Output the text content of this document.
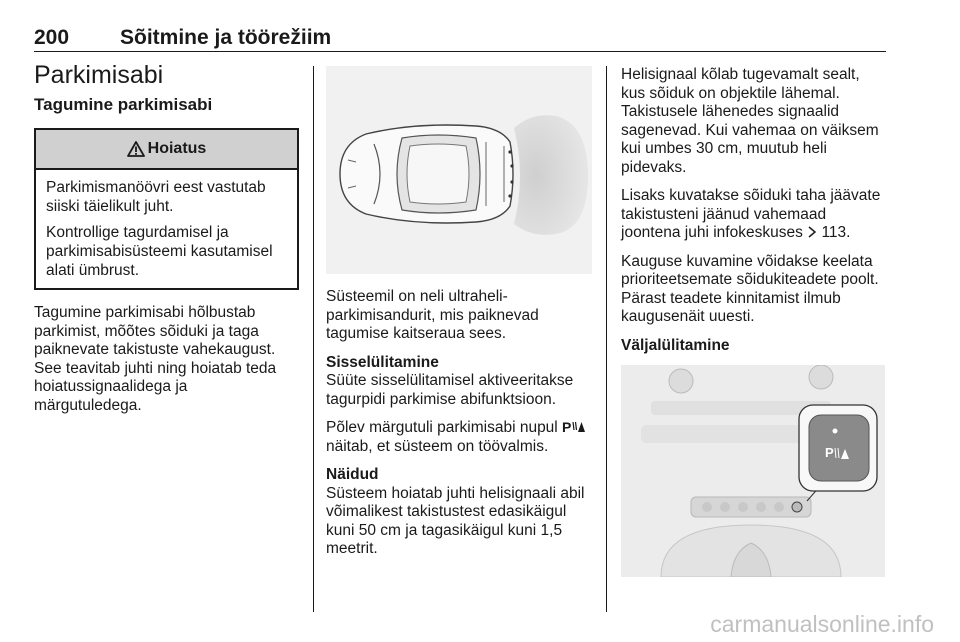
200 Sõitmine ja töörežiim
Parkimisabi
Tagumine parkimisabi
Hoiatus

Parkimismanöövri eest vastutab siiski täielikult juht.

Kontrollige tagurdamisel ja parkimisabisüsteemi kasutamisel alati ümbrust.

Tagumine parkimisabi hõlbustab parkimist, mõõtes sõiduki ja taga paiknevate takistuste vahekaugust. See teavitab juhti ning hoiatab teda hoiatussignaalidega ja märgutuledega.

Süsteemil on neli ultraheli-parkimisandurit, mis paiknevad tagumise kaitseraua sees.

Sisselülitamine

Süüte sisselülitamisel aktiveeritakse tagurpidi parkimise abifunktsioon.

Põlev märgutuli parkimisabi nupul P
näitab, et süsteem on töövalmis.

Näidud

Süsteem hoiatab juhti helisignaali abil võimalikest takistustest edasikäigul kuni 50 cm ja tagasikäigul kuni 1,5 meetrit.

Helisignaal kõlab tugevamalt sealt, kus sõiduk on objektile lähemal. Takistusele lähenedes signaalid sagenevad. Kui vahemaa on väiksem kui umbes 30 cm, muutub heli pidevaks.

Lisaks kuvatakse sõiduki taha jäävate takistusteni jäänud vahemaad joontena juhi infokeskuses 113.

Kauguse kuvamine võidakse keelata prioriteetsemate sõidukiteadete poolt. Pärast teadete kinnitamist ilmub kaugusenäit uuesti.

Väljalülitamine

P
carmanualsonline.info
